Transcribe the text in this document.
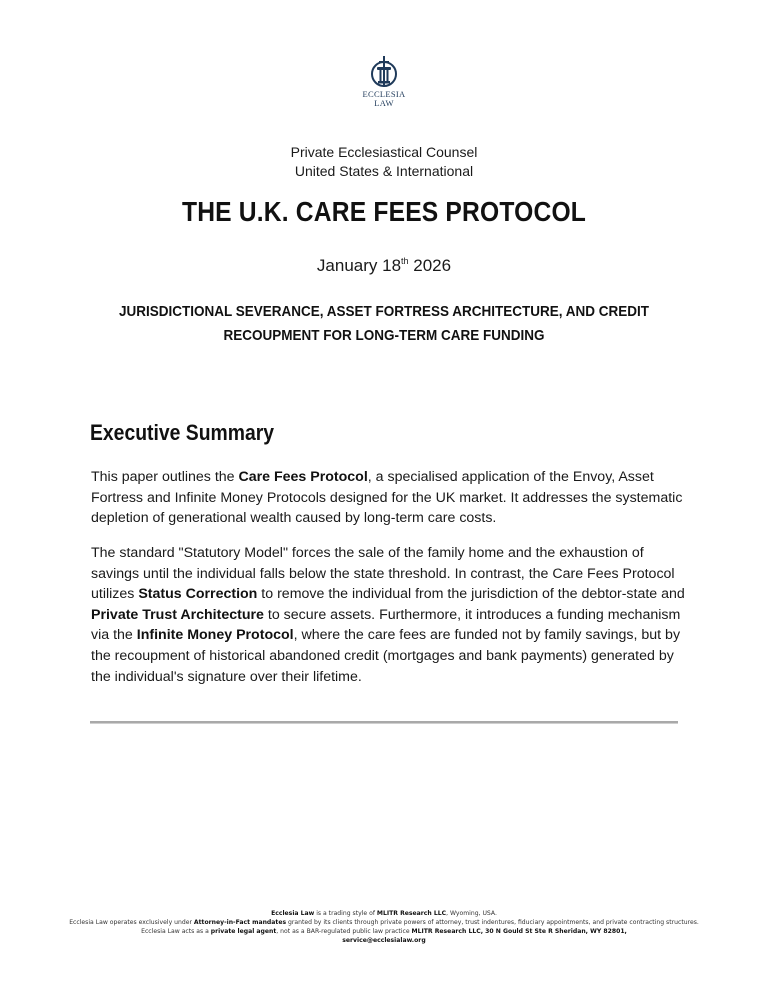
ECCLESIA
LAW
Private Ecclesiastical Counsel
United States & International
THE U.K. CARE FEES PROTOCOL
January 18th 2026
JURISDICTIONAL SEVERANCE, ASSET FORTRESS ARCHITECTURE, AND CREDIT
RECOUPMENT FOR LONG-TERM CARE FUNDING
Executive Summary
This paper outlines the Care Fees Protocol, a specialised application of the Envoy, Asset Fortress and Infinite Money Protocols designed for the UK market. It addresses the systematic depletion of generational wealth caused by long-term care costs.
The standard "Statutory Model" forces the sale of the family home and the exhaustion of savings until the individual falls below the state threshold. In contrast, the Care Fees Protocol utilizes Status Correction to remove the individual from the jurisdiction of the debtor-state and Private Trust Architecture to secure assets. Furthermore, it introduces a funding mechanism via the Infinite Money Protocol, where the care fees are funded not by family savings, but by the recoupment of historical abandoned credit (mortgages and bank payments) generated by the individual's signature over their lifetime.
Ecclesia Law is a trading style of MLITR Research LLC, Wyoming, USA.
Ecclesia Law operates exclusively under Attorney-in-Fact mandates granted by its clients through private powers of attorney, trust indentures, fiduciary appointments, and private contracting structures. Ecclesia Law acts as a private legal agent, not as a BAR-regulated public law practice MLITR Research LLC, 30 N Gould St Ste R Sheridan, WY 82801,
service@ecclesialaw.org
